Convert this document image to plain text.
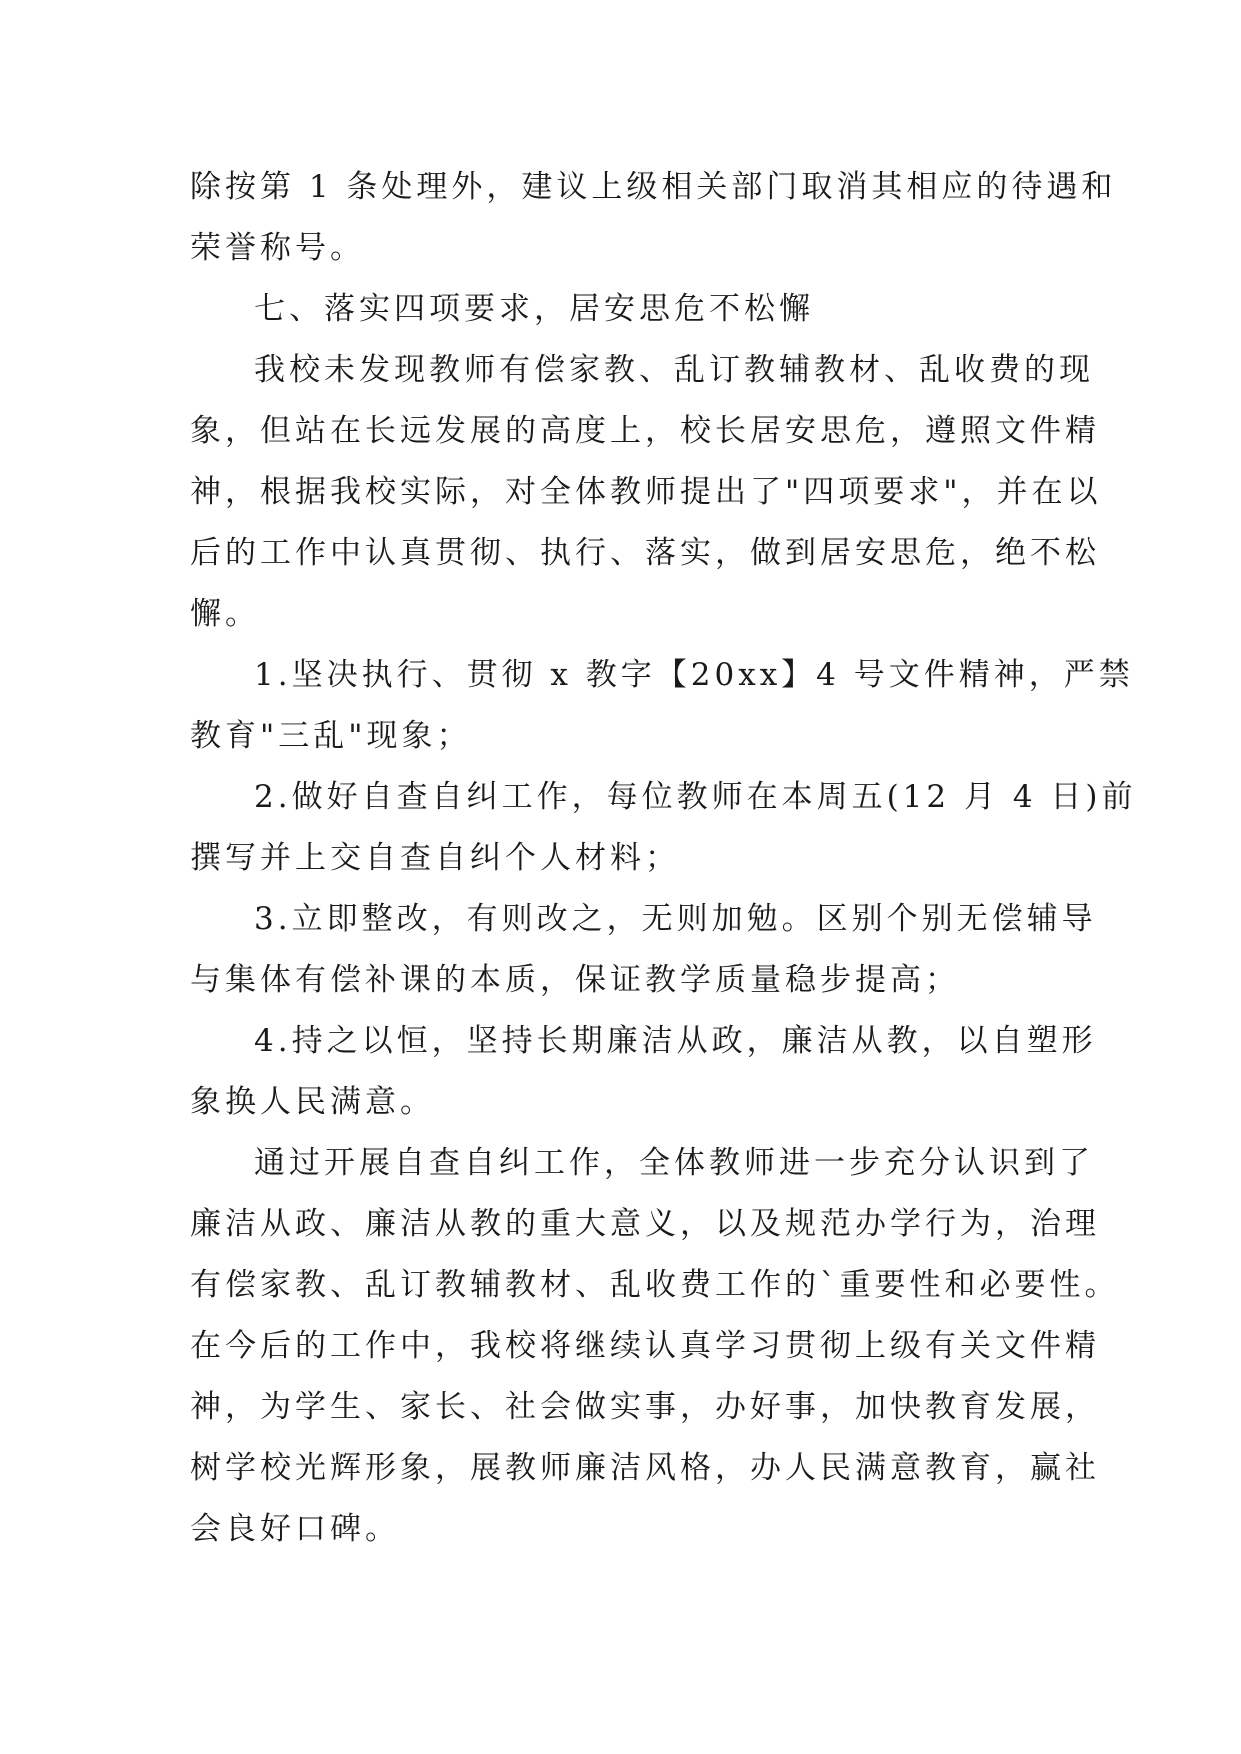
除按第 1 条处理外，建议上级相关部门取消其相应的待遇和
荣誉称号。

七、落实四项要求，居安思危不松懈

我校未发现教师有偿家教、乱订教辅教材、乱收费的现
象，但站在长远发展的高度上，校长居安思危，遵照文件精
神，根据我校实际，对全体教师提出了"四项要求"，并在以
后的工作中认真贯彻、执行、落实，做到居安思危，绝不松
懈。

1.坚决执行、贯彻 x 教字【20xx】4 号文件精神，严禁
教育"三乱"现象；

2.做好自查自纠工作，每位教师在本周五(12 月 4 日)前
撰写并上交自查自纠个人材料；

3.立即整改，有则改之，无则加勉。区别个别无偿辅导
与集体有偿补课的本质，保证教学质量稳步提高；

4.持之以恒，坚持长期廉洁从政，廉洁从教，以自塑形
象换人民满意。

通过开展自查自纠工作，全体教师进一步充分认识到了
廉洁从政、廉洁从教的重大意义，以及规范办学行为，治理
有偿家教、乱订教辅教材、乱收费工作的`重要性和必要性。
在今后的工作中，我校将继续认真学习贯彻上级有关文件精
神，为学生、家长、社会做实事，办好事，加快教育发展，
树学校光辉形象，展教师廉洁风格，办人民满意教育，赢社
会良好口碑。
